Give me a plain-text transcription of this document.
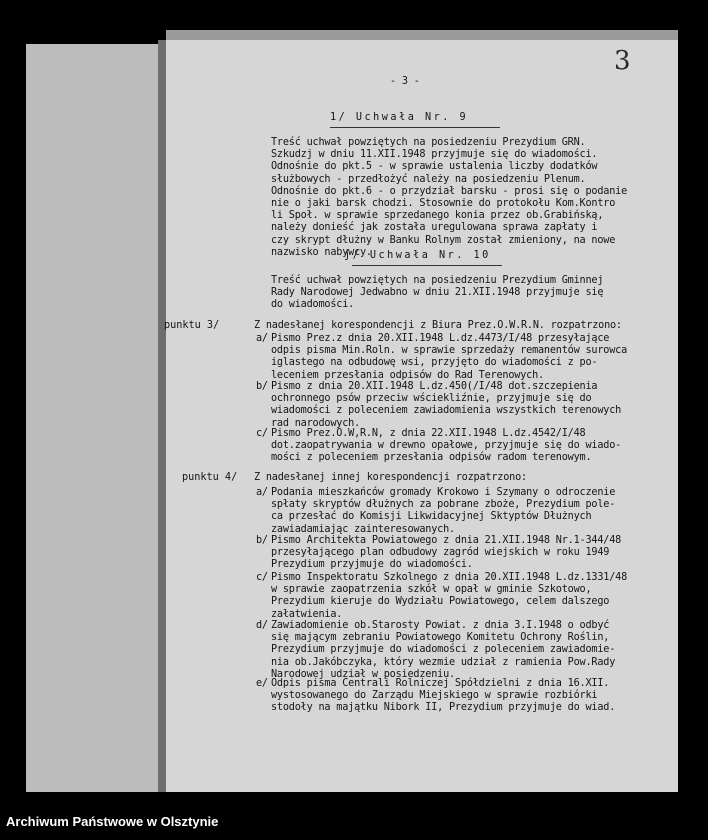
3
- 3 -
1/ Uchwała Nr. 9
Treść uchwał powziętych na posiedzeniu Prezydium GRN.
Szkudzj w dniu 11.XII.1948 przyjmuje się do wiadomości.
Odnośnie do pkt.5 - w sprawie ustalenia liczby dodatków
służbowych - przedłożyć należy na posiedzeniu Plenum.
Odnośnie do pkt.6 - o przydział barsku - prosi się o podanie
nie o jaki barsk chodzi. Stosownie do protokołu Kom.Kontro
li Społ. w sprawie sprzedanego konia przez ob.Grabińską,
należy donieść jak została uregulowana sprawa zapłaty i
czy skrypt dłużny w Banku Rolnym został zmieniony, na nowe
nazwisko nabywcy.
j/ Uchwała Nr. 10
Treść uchwał powziętych na posiedzeniu Prezydium Gminnej
Rady Narodowej Jedwabno w dniu 21.XII.1948 przyjmuje się
do wiadomości.
punktu 3/	Z nadesłanej korespondencji z Biura Prez.O.W.R.N. rozpatrzono:
a/ Pismo Prez.z dnia 20.XII.1948 L.dz.4473/I/48 przesyłające
odpis pisma Min.Roln. w sprawie sprzedaży remanentów surowca
iglastego na odbudowę wsi, przyjęto do wiadomości z po-
leceniem przesłania odpisów do Rad Terenowych.
b/ Pismo z dnia 20.XII.1948 L.dz.450(/I/48 dot.szczepienia
ochronnego psów przeciw wściekliźnie, przyjmuje się do
wiadomości z poleceniem zawiadomienia wszystkich terenowych
rad narodowych.
c/ Pismo Prez.O.W,R.N, z dnia 22.XII.1948 L.dz.4542/I/48
dot.zaopatrywania w drewno opałowe, przyjmuje się do wiado-
mości z poleceniem przesłania odpisów radom terenowym.
punktu 4/ Z nadesłanej innej korespondencji rozpatrzono:
a/ Podania mieszkańców gromady Krokowo i Szymany o odroczenie
spłaty skryptów dłużnych za pobrane zboże, Prezydium pole-
ca przesłać do Komisji Likwidacyjnej Sktyptów Dłużnych
zawiadamiając zainteresowanych.
b/ Pismo Architekta Powiatowego z dnia 21.XII.1948 Nr.1-344/48
przesyłającego plan odbudowy zagród wiejskich w roku 1949
Prezydium przyjmuje do wiadomości.
c/ Pismo Inspektoratu Szkolnego z dnia 20.XII.1948 L.dz.1331/48
w sprawie zaopatrzenia szkół w opał w gminie Szkotowo,
Prezydium kieruje do Wydziału Powiatowego, celem dalszego
załatwienia.
d/ Zawiadomienie ob.Starosty Powiat. z dnia 3.I.1948 o odbyć
się mającym zebraniu Powiatowego Komitetu Ochrony Roślin,
Prezydium przyjmuje do wiadomości z poleceniem zawiadomie-
nia ob.Jakóbczyka, który wezmie udział z ramienia Pow.Rady
Narodowej udział w posiedzeniu.
e/ Odpis pisma Centrali Rolniczej Spółdzielni z dnia 16.XII.
wystosowanego do Zarządu Miejskiego w sprawie rozbiórki
stodoły na majątku Nibork II, Prezydium przyjmuje do wiad.
Archiwum Państwowe w Olsztynie
